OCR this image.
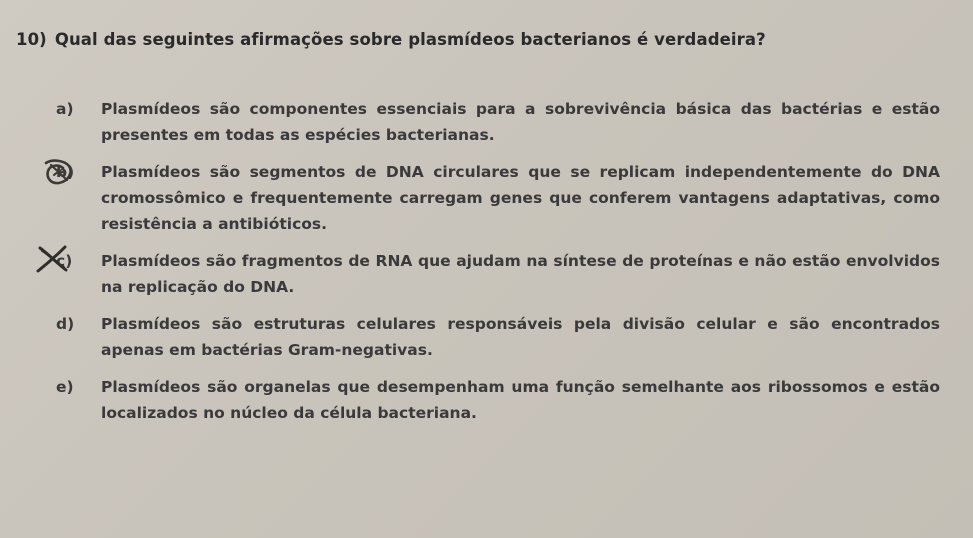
10) Qual das seguintes afirmações sobre plasmídeos bacterianos é verdadeira?
a)	Plasmídeos são componentes essenciais para a sobrevivência básica das bactérias e estão presentes em todas as espécies bacterianas.
b)	Plasmídeos são segmentos de DNA circulares que se replicam independentemente do DNA cromossômico e frequentemente carregam genes que conferem vantagens adaptativas, como resistência a antibióticos.
c)	Plasmídeos são fragmentos de RNA que ajudam na síntese de proteínas e não estão envolvidos na replicação do DNA.
d)	Plasmídeos são estruturas celulares responsáveis pela divisão celular e são encontrados apenas em bactérias Gram-negativas.
e)	Plasmídeos são organelas que desempenham uma função semelhante aos ribossomos e estão localizados no núcleo da célula bacteriana.
